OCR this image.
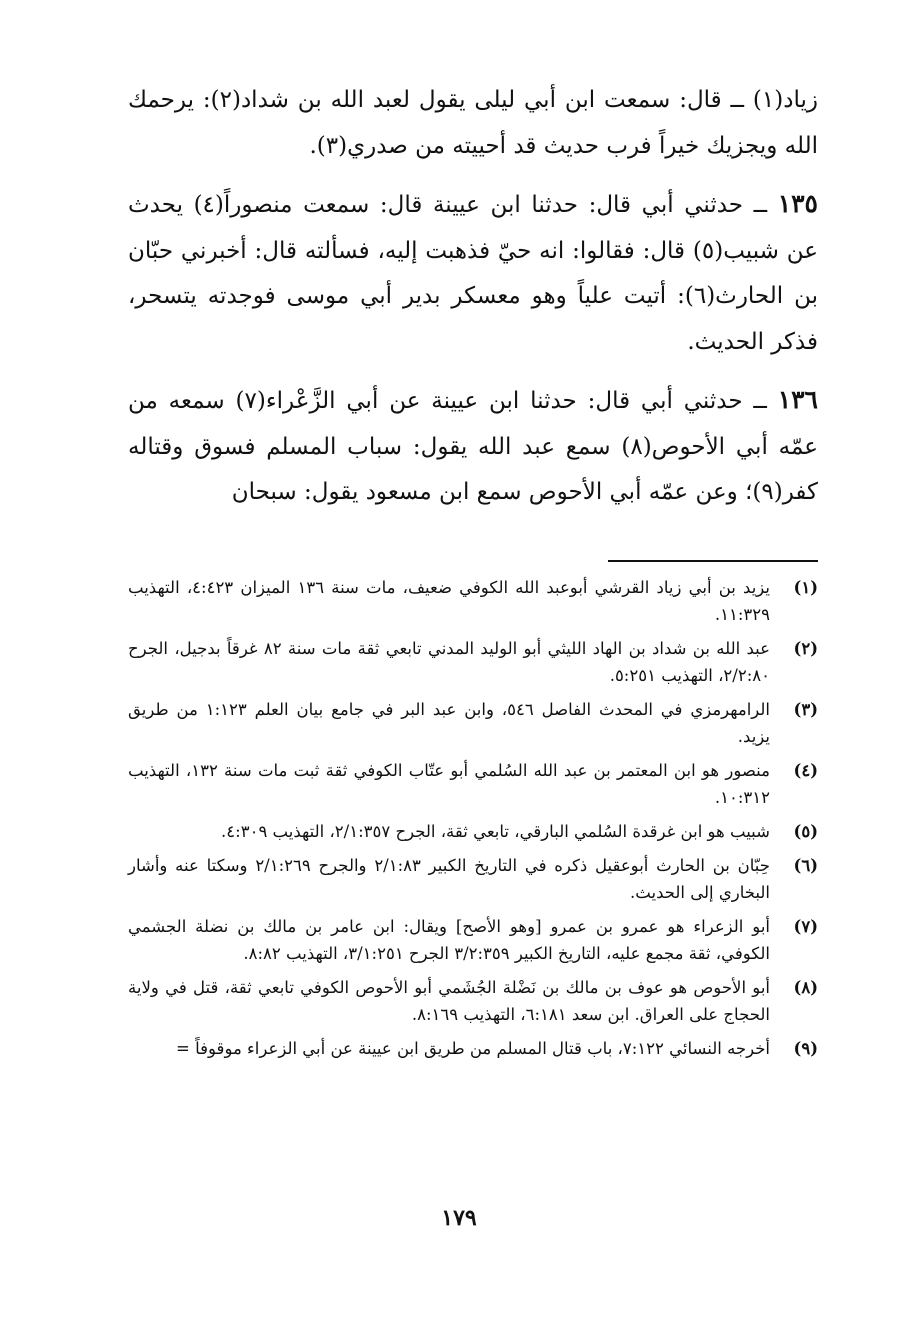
زياد(١) ــ قال: سمعت ابن أبي ليلى يقول لعبد الله بن شداد(٢): يرحمك الله ويجزيك خيراً فرب حديث قد أحييته من صدري(٣).

١٣٥ ــ حدثني أبي قال: حدثنا ابن عيينة قال: سمعت منصوراً(٤) يحدث عن شبيب(٥) قال: فقالوا: انه حيّ فذهبت إليه، فسألته قال: أخبرني حبّان بن الحارث(٦): أتيت علياً وهو معسكر بدير أبي موسى فوجدته يتسحر، فذكر الحديث.

١٣٦ ــ حدثني أبي قال: حدثنا ابن عيينة عن أبي الزَّعْراء(٧) سمعه من عمّه أبي الأحوص(٨) سمع عبد الله يقول: سباب المسلم فسوق وقتاله كفر(٩)؛ وعن عمّه أبي الأحوص سمع ابن مسعود يقول: سبحان

(١)
يزيد بن أبي زياد القرشي أبوعبد الله الكوفي ضعيف، مات سنة ١٣٦ الميزان ٤:٤٢٣، التهذيب ١١:٣٢٩.
(٢)
عبد الله بن شداد بن الهاد الليثي أبو الوليد المدني تابعي ثقة مات سنة ٨٢ غرقاً بدجيل، الجرح ٢/٢:٨٠، التهذيب ٥:٢٥١.
(٣)
الرامهرمزي في المحدث الفاصل ٥٤٦، وابن عبد البر في جامع بيان العلم ١:١٢٣ من طريق يزيد.
(٤)
منصور هو ابن المعتمر بن عبد الله السُلمي أبو عتّاب الكوفي ثقة ثبت مات سنة ١٣٢، التهذيب ١٠:٣١٢.
(٥)
شبيب هو ابن غرقدة السُلمي البارقي، تابعي ثقة، الجرح ٢/١:٣٥٧، التهذيب ٤:٣٠٩.
(٦)
حِبّان بن الحارث أبوعقيل ذكره في التاريخ الكبير ٢/١:٨٣ والجرح ٢/١:٢٦٩ وسكتا عنه وأشار البخاري إلى الحديث.
(٧)
أبو الزعراء هو عمرو بن عمرو [وهو الأصح] ويقال: ابن عامر بن مالك بن نضلة الجشمي الكوفي، ثقة مجمع عليه، التاريخ الكبير ٣/٢:٣٥٩ الجرح ٣/١:٢٥١، التهذيب ٨:٨٢.
(٨)
أبو الأحوص هو عوف بن مالك بن نَضْلة الجُشَمي أبو الأحوص الكوفي تابعي ثقة، قتل في ولاية الحجاج على العراق. ابن سعد ٦:١٨١، التهذيب ٨:١٦٩.
(٩)
أخرجه النسائي ٧:١٢٢، باب قتال المسلم من طريق ابن عيينة عن أبي الزعراء موقوفاً =
١٧٩
